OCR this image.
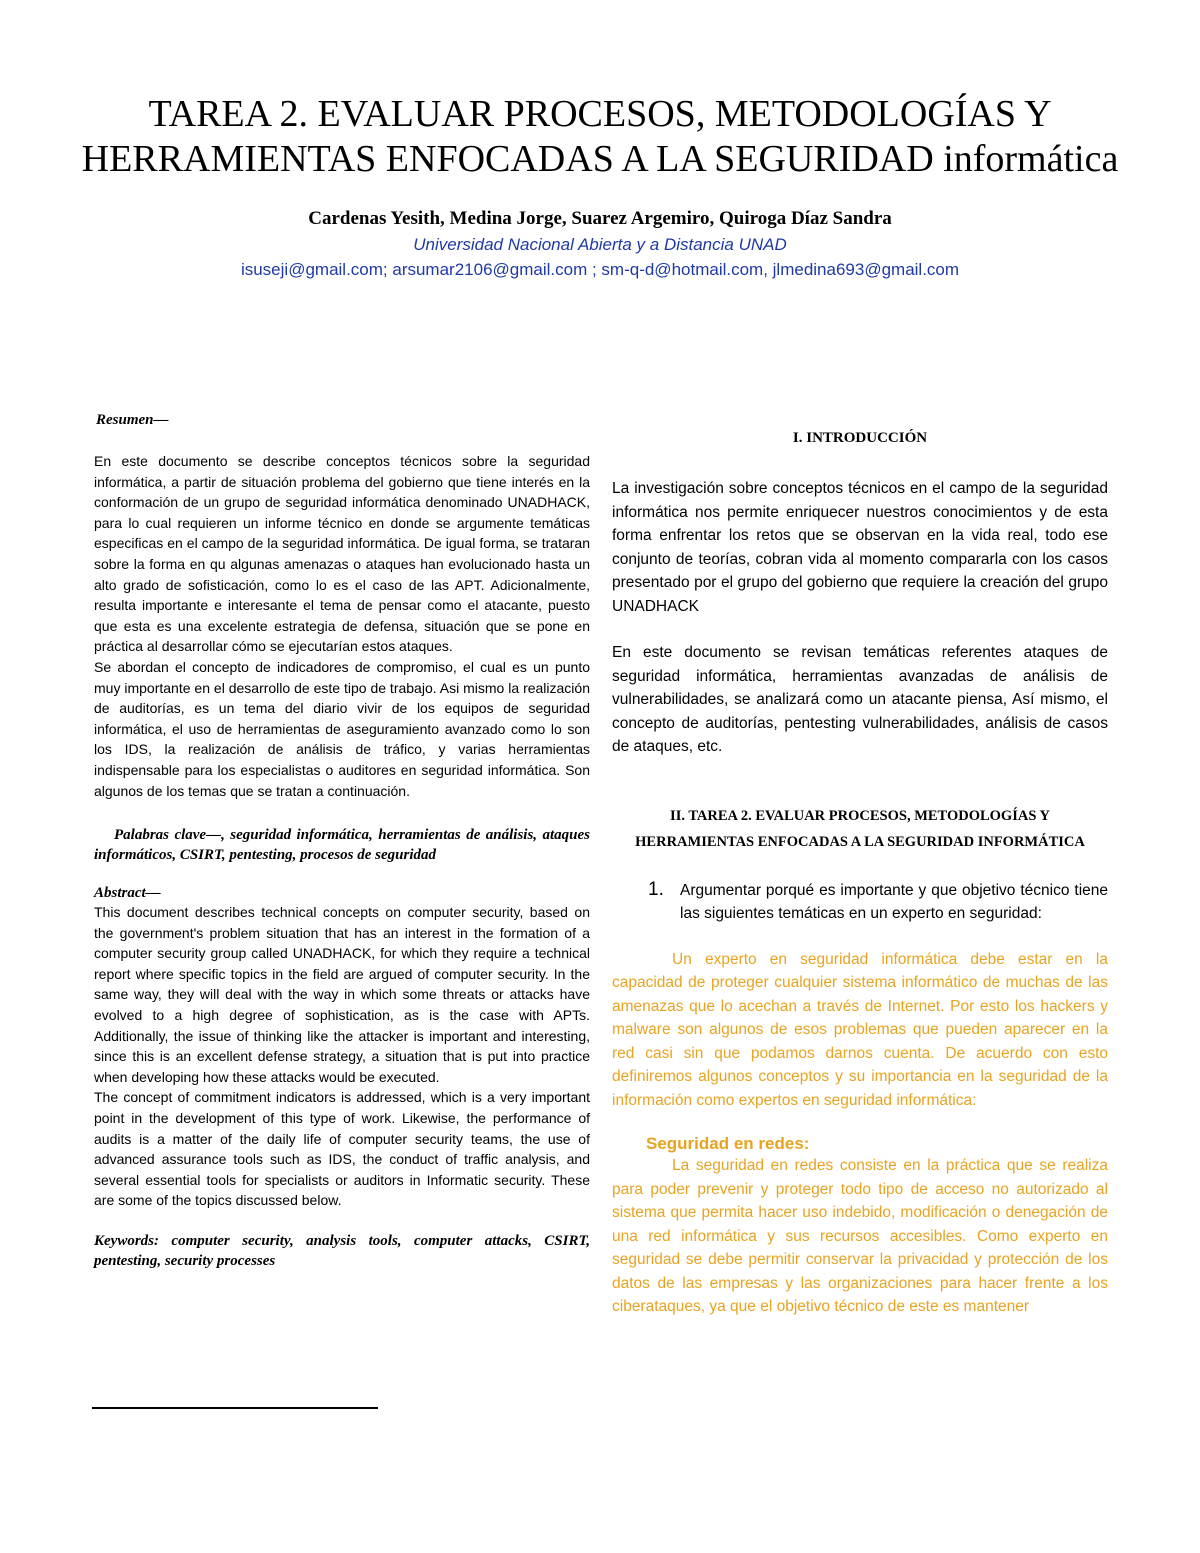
TAREA 2. EVALUAR PROCESOS, METODOLOGÍAS Y
HERRAMIENTAS ENFOCADAS A LA SEGURIDAD informática
Cardenas Yesith, Medina Jorge, Suarez Argemiro, Quiroga Díaz Sandra
Universidad Nacional Abierta y a Distancia UNAD
isuseji@gmail.com; arsumar2106@gmail.com ; sm-q-d@hotmail.com, jlmedina693@gmail.com

Resumen—

En este documento se describe conceptos técnicos sobre la seguridad informática, a partir de situación problema del gobierno que tiene interés en la conformación de un grupo de seguridad informática denominado UNADHACK, para lo cual requieren un informe técnico en donde se argumente temáticas especificas en el campo de la seguridad informática. De igual forma, se trataran sobre la forma en qu algunas amenazas o ataques han evolucionado hasta un alto grado de sofisticación, como lo es el caso de las APT. Adicionalmente, resulta importante e interesante el tema de pensar como el atacante, puesto que esta es una excelente estrategia de defensa, situación que se pone en práctica al desarrollar cómo se ejecutarían estos ataques.

Se abordan el concepto de indicadores de compromiso, el cual es un punto muy importante en el desarrollo de este tipo de trabajo. Asi mismo la realización de auditorías, es un tema del diario vivir de los equipos de seguridad informática, el uso de herramientas de aseguramiento avanzado como lo son los IDS, la realización de análisis de tráfico, y varias herramientas indispensable para los especialistas o auditores en seguridad informática. Son algunos de los temas que se tratan a continuación.

Palabras clave—, seguridad informática, herramientas de análisis, ataques informáticos, CSIRT, pentesting, procesos de seguridad

Abstract—

This document describes technical concepts on computer security, based on the government's problem situation that has an interest in the formation of a computer security group called UNADHACK, for which they require a technical report where specific topics in the field are argued of computer security. In the same way, they will deal with the way in which some threats or attacks have evolved to a high degree of sophistication, as is the case with APTs. Additionally, the issue of thinking like the attacker is important and interesting, since this is an excellent defense strategy, a situation that is put into practice when developing how these attacks would be executed.

The concept of commitment indicators is addressed, which is a very important point in the development of this type of work. Likewise, the performance of audits is a matter of the daily life of computer security teams, the use of advanced assurance tools such as IDS, the conduct of traffic analysis, and several essential tools for specialists or auditors in Informatic security. These are some of the topics discussed below.

Keywords: computer security, analysis tools, computer attacks, CSIRT, pentesting, security processes

I. INTRODUCCIÓN

La investigación sobre conceptos técnicos en el campo de la seguridad informática nos permite enriquecer nuestros conocimientos y de esta forma enfrentar los retos que se observan en la vida real, todo ese conjunto de teorías, cobran vida al momento compararla con los casos presentado por el grupo del gobierno que requiere la creación del grupo UNADHACK

En este documento se revisan temáticas referentes ataques de seguridad informática, herramientas avanzadas de análisis de vulnerabilidades, se analizará como un atacante piensa, Así mismo, el concepto de auditorías, pentesting vulnerabilidades, análisis de casos de ataques, etc.

II. TAREA 2. EVALUAR PROCESOS, METODOLOGÍAS Y

HERRAMIENTAS ENFOCADAS A LA SEGURIDAD INFORMÁTICA

1.	Argumentar porqué es importante y que objetivo técnico tiene las siguientes temáticas en un experto en seguridad:

Un experto en seguridad informática debe estar en la capacidad de proteger cualquier sistema informático de muchas de las amenazas que lo acechan a través de Internet. Por esto los hackers y malware son algunos de esos problemas que pueden aparecer en la red casi sin que podamos darnos cuenta. De acuerdo con esto definiremos algunos conceptos y su importancia en la seguridad de la información como expertos en seguridad informática:

Seguridad en redes:

La seguridad en redes consiste en la práctica que se realiza para poder prevenir y proteger todo tipo de acceso no autorizado al sistema que permita hacer uso indebido, modificación o denegación de una red informática y sus recursos accesibles. Como experto en seguridad se debe permitir conservar la privacidad y protección de los datos de las empresas y las organizaciones para hacer frente a los ciberataques, ya que el objetivo técnico de este es mantener
